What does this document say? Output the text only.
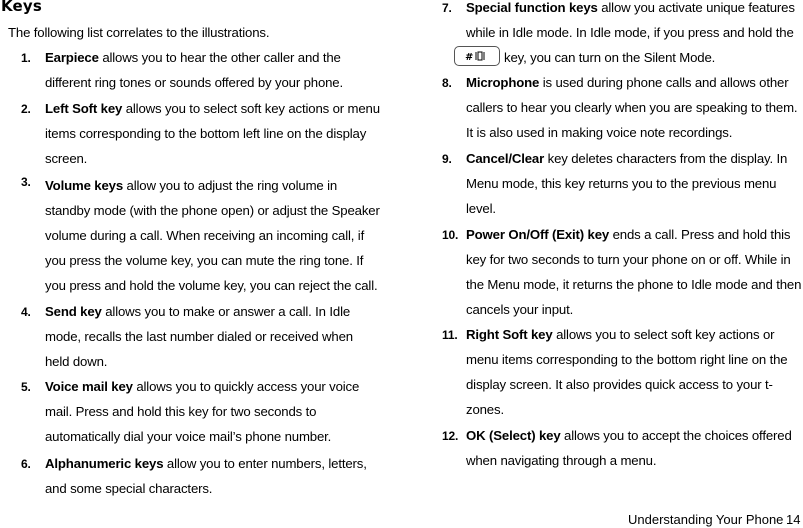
Keys
The following list correlates to the illustrations.
1. Earpiece allows you to hear the other caller and the
different ring tones or sounds offered by your phone.
2. Left Soft key allows you to select soft key actions or menu
items corresponding to the bottom left line on the display
screen.
3. Volume keys allow you to adjust the ring volume in
standby mode (with the phone open) or adjust the Speaker
volume during a call. When receiving an incoming call, if
you press the volume key, you can mute the ring tone. If
you press and hold the volume key, you can reject the call.
4. Send key allows you to make or answer a call. In Idle
mode, recalls the last number dialed or received when
held down.
5. Voice mail key allows you to quickly access your voice
mail. Press and hold this key for two seconds to
automatically dial your voice mail’s phone number.
6. Alphanumeric keys allow you to enter numbers, letters,
and some special characters.
7. Special function keys allow you activate unique features
while in Idle mode. In Idle mode, if you press and hold the
# key, you can turn on the Silent Mode.
8. Microphone is used during phone calls and allows other
callers to hear you clearly when you are speaking to them.
It is also used in making voice note recordings.
9. Cancel/Clear key deletes characters from the display. In
Menu mode, this key returns you to the previous menu
level.
10. Power On/Off (Exit) key ends a call. Press and hold this
key for two seconds to turn your phone on or off. While in
the Menu mode, it returns the phone to Idle mode and then
cancels your input.
11. Right Soft key allows you to select soft key actions or
menu items corresponding to the bottom right line on the
display screen. It also provides quick access to your t-
zones.
12. OK (Select) key allows you to accept the choices offered
when navigating through a menu.
Understanding Your Phone 14
